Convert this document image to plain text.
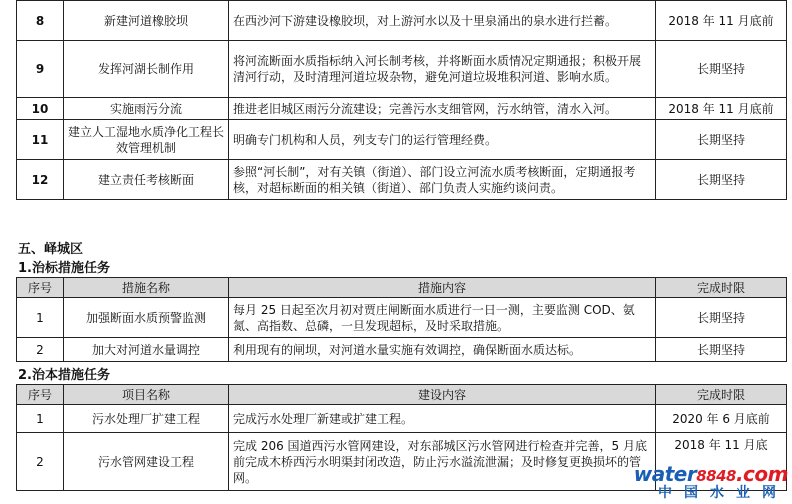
8	新建河道橡胶坝	在西沙河下游建设橡胶坝，对上游河水以及十里泉涌出的泉水进行拦蓄。	2018 年 11 月底前
9	发挥河湖长制作用	将河流断面水质指标纳入河长制考核，并将断面水质情况定期通报；积极开展清河行动，及时清理河道垃圾杂物，避免河道垃圾堆积河道、影响水质。	长期坚持
10	实施雨污分流	推进老旧城区雨污分流建设；完善污水支细管网，污水纳管，清水入河。	2018 年 11 月底前
11	建立人工湿地水质净化工程长效管理机制	明确专门机构和人员，列支专门的运行管理经费。	长期坚持
12	建立责任考核断面	参照“河长制”，对有关镇（街道）、部门设立河流水质考核断面，定期通报考核，对超标断面的相关镇（街道）、部门负责人实施约谈问责。	长期坚持
五、峄城区
1.治标措施任务
序号	措施名称	措施内容	完成时限
1	加强断面水质预警监测	每月 25 日起至次月初对贾庄闸断面水质进行一日一测，主要监测 COD、氨氮、高指数、总磷，一旦发现超标，及时采取措施。	长期坚持
2	加大对河道水量调控	利用现有的闸坝，对河道水量实施有效调控，确保断面水质达标。	长期坚持
2.治本措施任务
序号	项目名称	建设内容	完成时限
1	污水处理厂扩建工程	完成污水处理厂新建或扩建工程。	2020 年 6 月底前
2	污水管网建设工程	完成 206 国道西污水管网建设，对东部城区污水管网进行检查并完善，5 月底前完成木桥西污水明渠封闭改造，防止污水溢流泄漏；及时修复更换损坏的管网。	2018 年 11 月底
water8848.com
中国水业网
